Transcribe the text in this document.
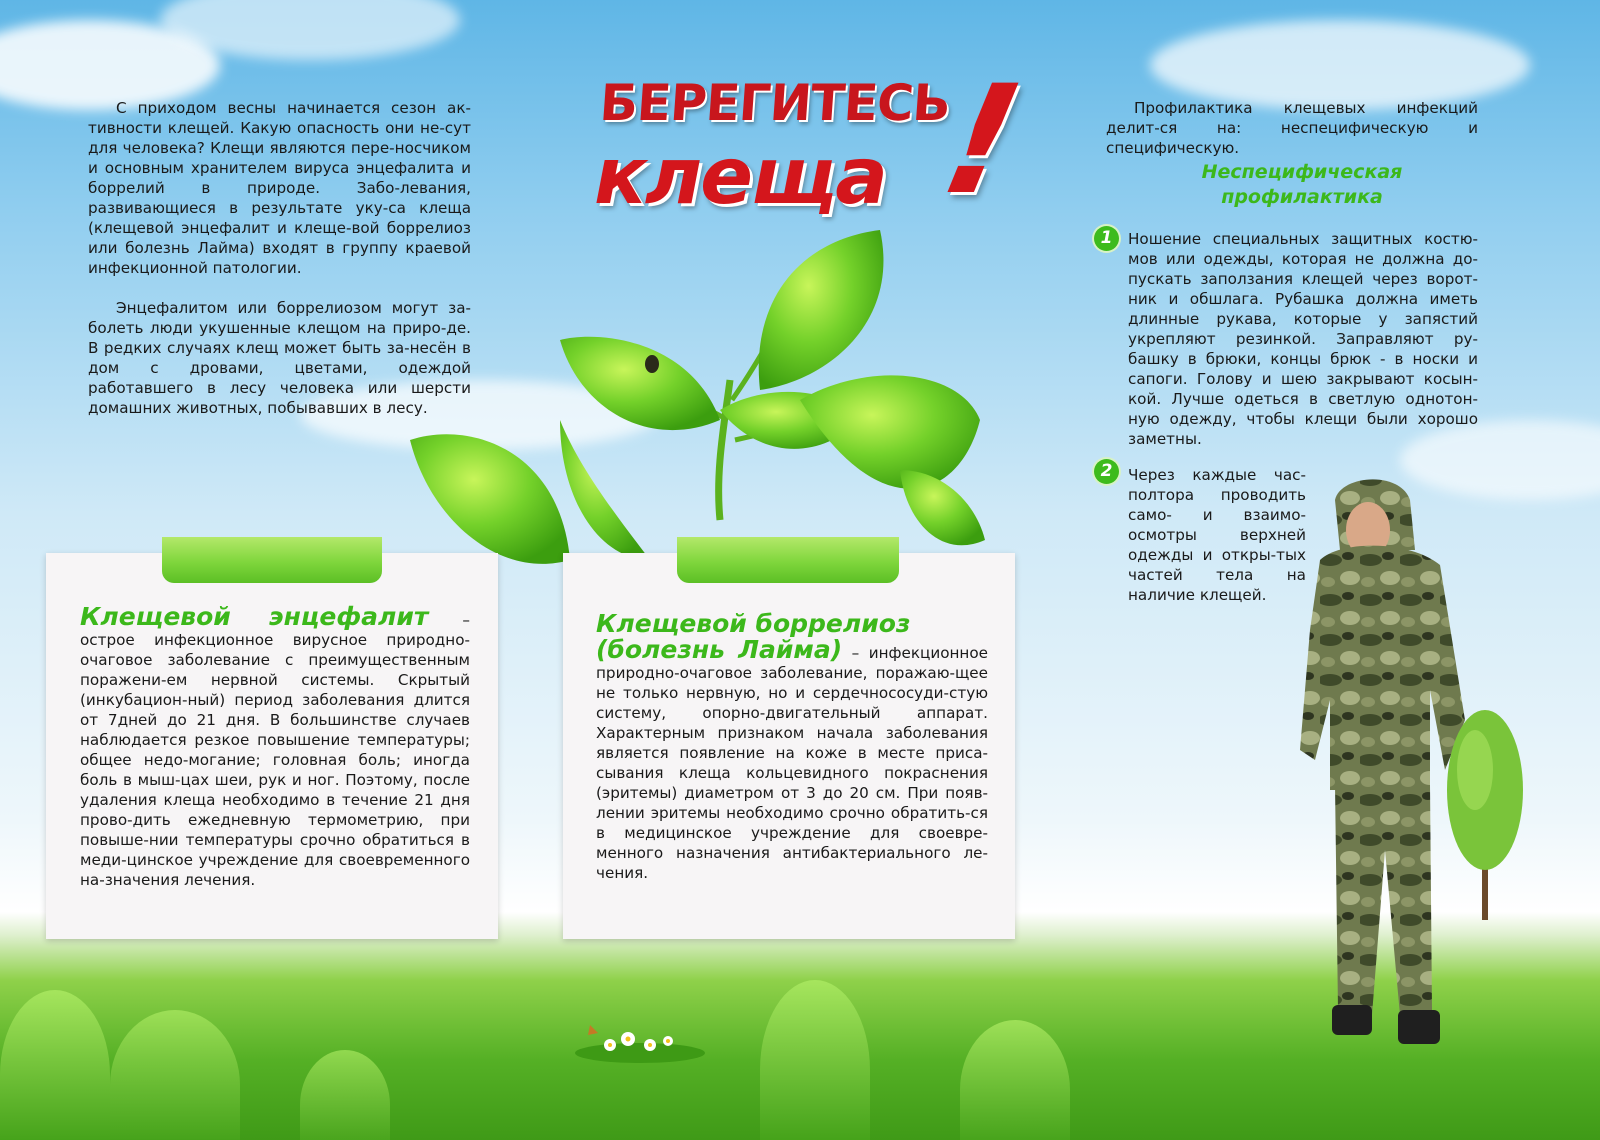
С приходом весны начинается сезон ак-тивности клещей. Какую опасность они не-сут для человека? Клещи являются пере-носчиком и основным хранителем вируса энцефалита и боррелий в природе. Забо-левания, развивающиеся в результате уку-са клеща (клещевой энцефалит и клеще-вой боррелиоз или болезнь Лайма) входят в группу краевой инфекционной патологии.

Энцефалитом или боррелиозом могут за-болеть люди укушенные клещом на приро-де. В редких случаях клещ может быть за-несён в дом с дровами, цветами, одеждой работавшего в лесу человека или шерсти домашних животных, побывавших в лесу.

БЕРЕГИТЕСЬ
клеща !
Клещевой энцефалит – острое инфекционное вирусное природно-очаговое заболевание с преимущественным поражени-ем нервной системы. Скрытый (инкубацион-ный) период заболевания длится от 7дней до 21 дня. В большинстве случаев наблюдается резкое повышение температуры; общее недо-могание; головная боль; иногда боль в мыш-цах шеи, рук и ног. Поэтому, после удаления клеща необходимо в течение 21 дня прово-дить ежедневную термометрию, при повыше-нии температуры срочно обратиться в меди-цинское учреждение для своевременного на-значения лечения.
Клещевой боррелиоз
(болезнь Лайма) – инфекционное природно-очаговое заболевание, поражаю-щее не только нервную, но и сердечнососуди-стую систему, опорно-двигательный аппарат. Характерным признаком начала заболевания является появление на коже в месте присa-сывания клеща кольцевидного покраснения (эритемы) диаметром от 3 до 20 см. При появ-лении эритемы необходимо срочно обратить-ся в медицинское учреждение для своевре-менного назначения антибактериального ле-чения.
Профилактика клещевых инфекций делит-ся на: неспецифическую и специфическую.
Неспецифическая
профилактика
1	Ношение специальных защитных костю-мов или одежды, которая не должна до-пускать заползания клещей через ворот-ник и обшлага. Рубашка должна иметь длинные рукава, которые у запястий укрепляют резинкой. Заправляют ру-башку в брюки, концы брюк - в носки и сапоги. Голову и шею закрывают косын-кой. Лучше одеться в светлую однотон-ную одежду, чтобы клещи были хорошо заметны.
2	Через каждые час-полтора проводить само- и взаимо-осмотры верхней одежды и откры-тых частей тела на наличие клещей.
